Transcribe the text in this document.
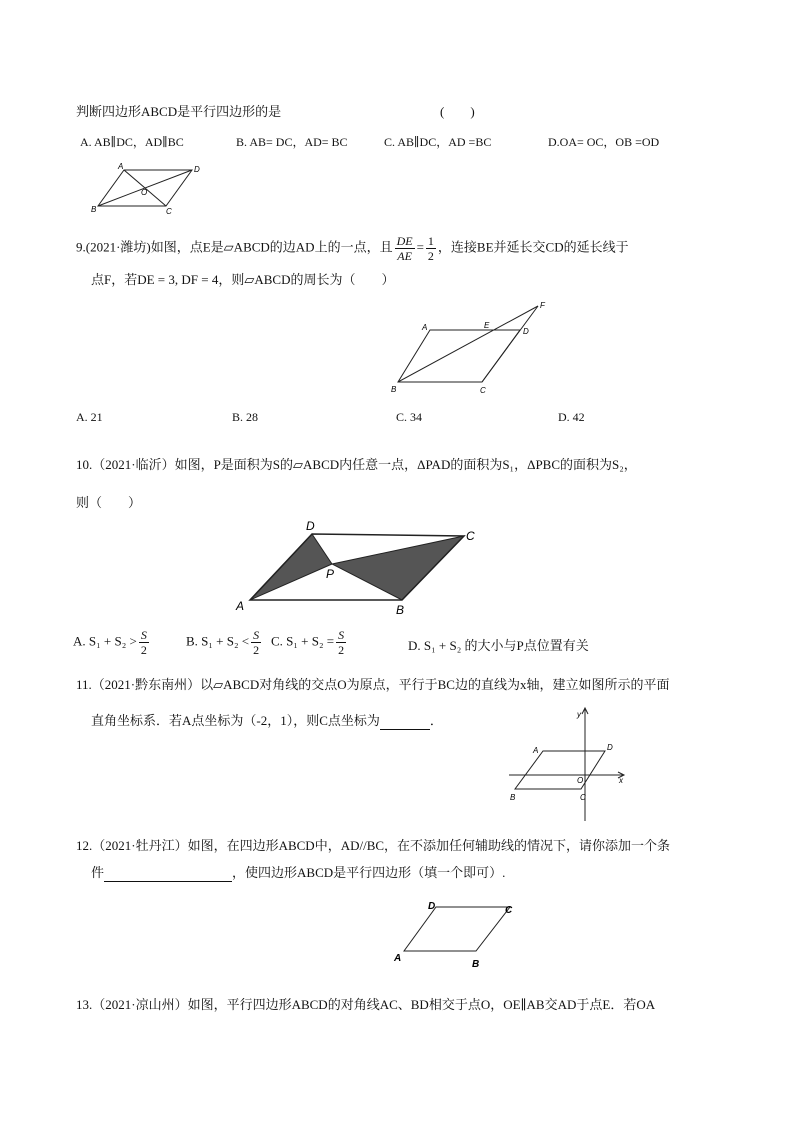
判断四边形ABCD是平行四边形的是	(　　)
A. AB∥DC，AD∥BC	B. AB= DC，AD= BC	C. AB∥DC，AD =BC	D.OA= OC，OB =OD
A	D
B	C
O
9.(2021·潍坊)如图，点E是▱ABCD的边AD上的一点，且 $\frac{DE}{AE} = \frac{1}{2}$ ，连接BE并延长交CD的延长线于
点F，若DE = 3, DF = 4，则▱ABCD的周长为（　　）
A	E
D
F
B	C
A. 21	B. 28	C. 34	D. 42
10.（2021·临沂）如图，P是面积为S的▱ABCD内任意一点，ΔPAD的面积为S₁，ΔPBC的面积为S₂，
则（　　）
D
C
A	B
P
A. $S_1 + S_2 > \frac{S}{2}$	B. $S_1 + S_2 < \frac{S}{2} C$. $S_1 + S_2 = \frac{S}{2}$	D. S₁ + S₂ 的大小与P点位置有关
11.（2021·黔东南州）以▱ABCD对角线的交点O为原点，平行于BC边的直线为x轴，建立如图所示的平面
直角坐标系．若A点坐标为（-2，1），则C点坐标为	．	y
x
A	D
B	C
O
12.（2021·牡丹江）如图，在四边形ABCD中，AD//BC，在不添加任何辅助线的情况下，请你添加一个条
件	，使四边形ABCD是平行四边形（填一个即可）.
D	C
A
B
13.（2021·凉山州）如图，平行四边形ABCD的对角线AC、BD相交于点O，OE∥AB交AD于点E．若OA
